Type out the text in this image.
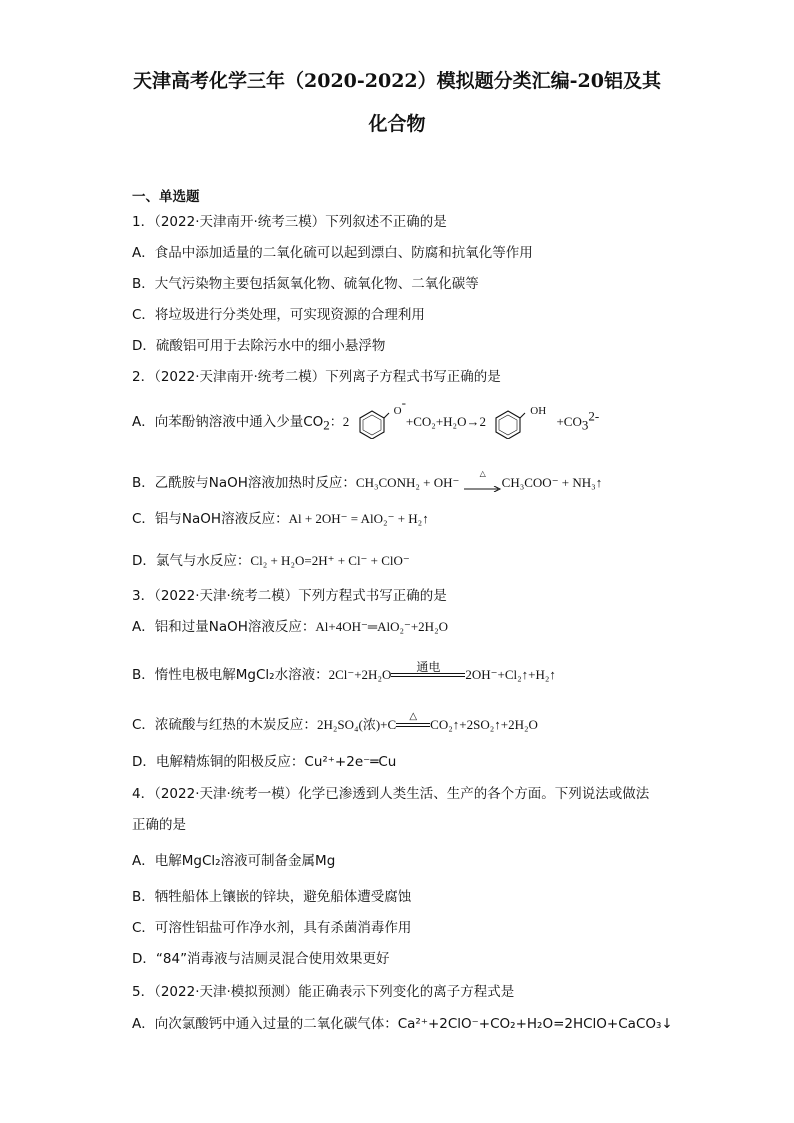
天津高考化学三年（2020-2022）模拟题分类汇编-20铝及其
化合物
一、单选题
1．（2022·天津南开·统考三模）下列叙述不正确的是
A．食品中添加适量的二氧化硫可以起到漂白、防腐和抗氧化等作用
B．大气污染物主要包括氮氧化物、硫氧化物、二氧化碳等
C．将垃圾进行分类处理，可实现资源的合理利用
D．硫酸铝可用于去除污水中的细小悬浮物
2．（2022·天津南开·统考二模）下列离子方程式书写正确的是
A．向苯酚钠溶液中通入少量$CO_2$：2 $^{O-}$+CO₂+H₂O→2 $^{OH} +CO_3^{2-}$
B．乙酰胺与NaOH溶液加热时反应：CH₃CONH₂ + OH⁻
△
CH₃COO⁻ + NH₃↑
C．铝与NaOH溶液反应：Al + 2OH⁻ = AlO₂⁻ + H₂↑
D．氯气与水反应：Cl₂ + H₂O=2H⁺ + Cl⁻ + ClO⁻
3．（2022·天津·统考二模）下列方程式书写正确的是
A．铝和过量NaOH溶液反应：Al+4OH⁻═AlO₂⁻+2H₂O
B．惰性电极电解MgCl₂水溶液：2Cl⁻+2H₂O	通电	2OH⁻+Cl₂↑+H₂↑
C．浓硫酸与红热的木炭反应：2H₂SO₄(浓)+C
△
CO₂↑+2SO₂↑+2H₂O
D．电解精炼铜的阳极反应：Cu²⁺+2e⁻═Cu
4．（2022·天津·统考一模）化学已渗透到人类生活、生产的各个方面。下列说法或做法
正确的是
A．电解MgCl₂溶液可制备金属Mg
B．牺牲船体上镶嵌的锌块，避免船体遭受腐蚀
C．可溶性铝盐可作净水剂，具有杀菌消毒作用
D．“84”消毒液与洁厕灵混合使用效果更好
5．（2022·天津·模拟预测）能正确表示下列变化的离子方程式是
A．向次氯酸钙中通入过量的二氧化碳气体：Ca²⁺+2ClO⁻+CO₂+H₂O=2HClO+CaCO₃↓
